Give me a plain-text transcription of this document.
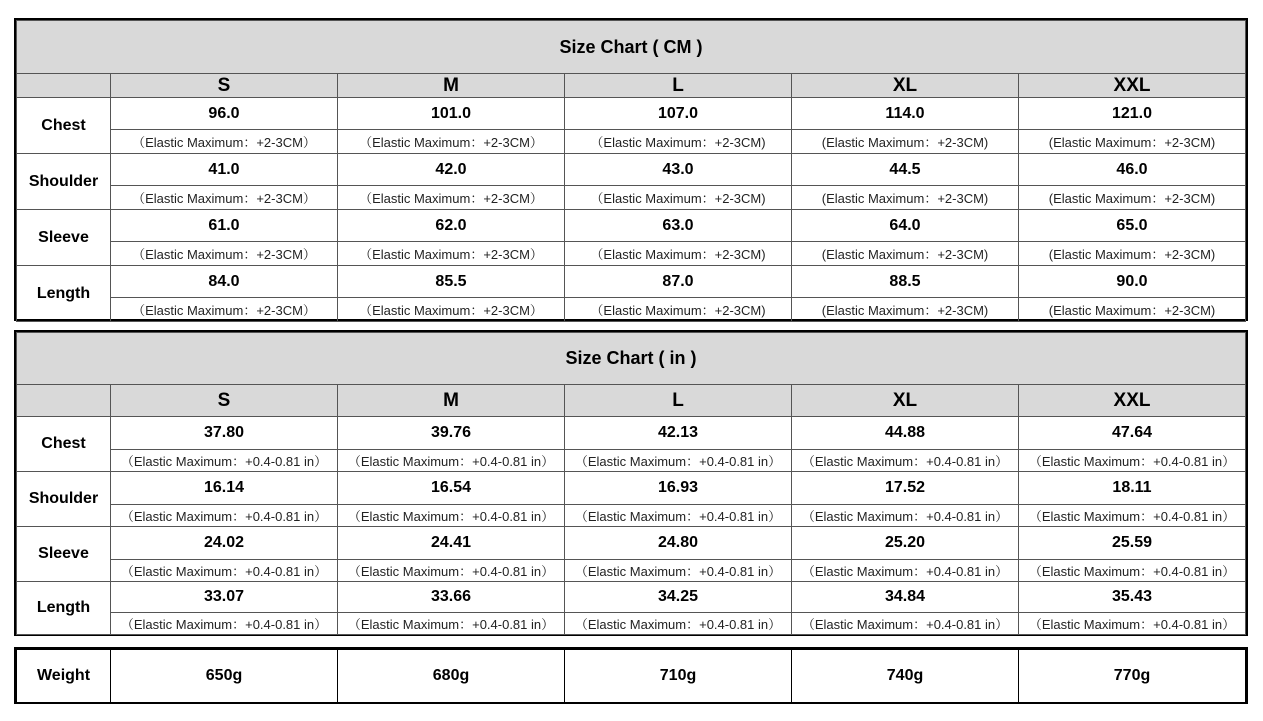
Size Chart ( CM )					
	S	M	L	XL	XXL
Chest	96.0	101.0	107.0	114.0	121.0
	（Elastic Maximum：+2-3CM）	（Elastic Maximum：+2-3CM）	（Elastic Maximum：+2-3CM)	(Elastic Maximum：+2-3CM)	(Elastic Maximum：+2-3CM)
Shoulder	41.0	42.0	43.0	44.5	46.0
	（Elastic Maximum：+2-3CM）	（Elastic Maximum：+2-3CM）	（Elastic Maximum：+2-3CM)	(Elastic Maximum：+2-3CM)	(Elastic Maximum：+2-3CM)
Sleeve	61.0	62.0	63.0	64.0	65.0
	（Elastic Maximum：+2-3CM）	（Elastic Maximum：+2-3CM）	（Elastic Maximum：+2-3CM)	(Elastic Maximum：+2-3CM)	(Elastic Maximum：+2-3CM)
Length	84.0	85.5	87.0	88.5	90.0
	（Elastic Maximum：+2-3CM）	（Elastic Maximum：+2-3CM）	（Elastic Maximum：+2-3CM)	(Elastic Maximum：+2-3CM)	(Elastic Maximum：+2-3CM)
Size Chart ( in )					
	S	M	L	XL	XXL
Chest	37.80	39.76	42.13	44.88	47.64
	（Elastic Maximum：+0.4-0.81 in）	（Elastic Maximum：+0.4-0.81 in）	（Elastic Maximum：+0.4-0.81 in）	（Elastic Maximum：+0.4-0.81 in）	（Elastic Maximum：+0.4-0.81 in）
Shoulder	16.14	16.54	16.93	17.52	18.11
	（Elastic Maximum：+0.4-0.81 in）	（Elastic Maximum：+0.4-0.81 in）	（Elastic Maximum：+0.4-0.81 in）	（Elastic Maximum：+0.4-0.81 in）	（Elastic Maximum：+0.4-0.81 in）
Sleeve	24.02	24.41	24.80	25.20	25.59
	（Elastic Maximum：+0.4-0.81 in）	（Elastic Maximum：+0.4-0.81 in）	（Elastic Maximum：+0.4-0.81 in）	（Elastic Maximum：+0.4-0.81 in）	（Elastic Maximum：+0.4-0.81 in）
Length	33.07	33.66	34.25	34.84	35.43
	（Elastic Maximum：+0.4-0.81 in）	（Elastic Maximum：+0.4-0.81 in）	（Elastic Maximum：+0.4-0.81 in）	（Elastic Maximum：+0.4-0.81 in）	（Elastic Maximum：+0.4-0.81 in）
Weight	650g	680g	710g	740g	770g
